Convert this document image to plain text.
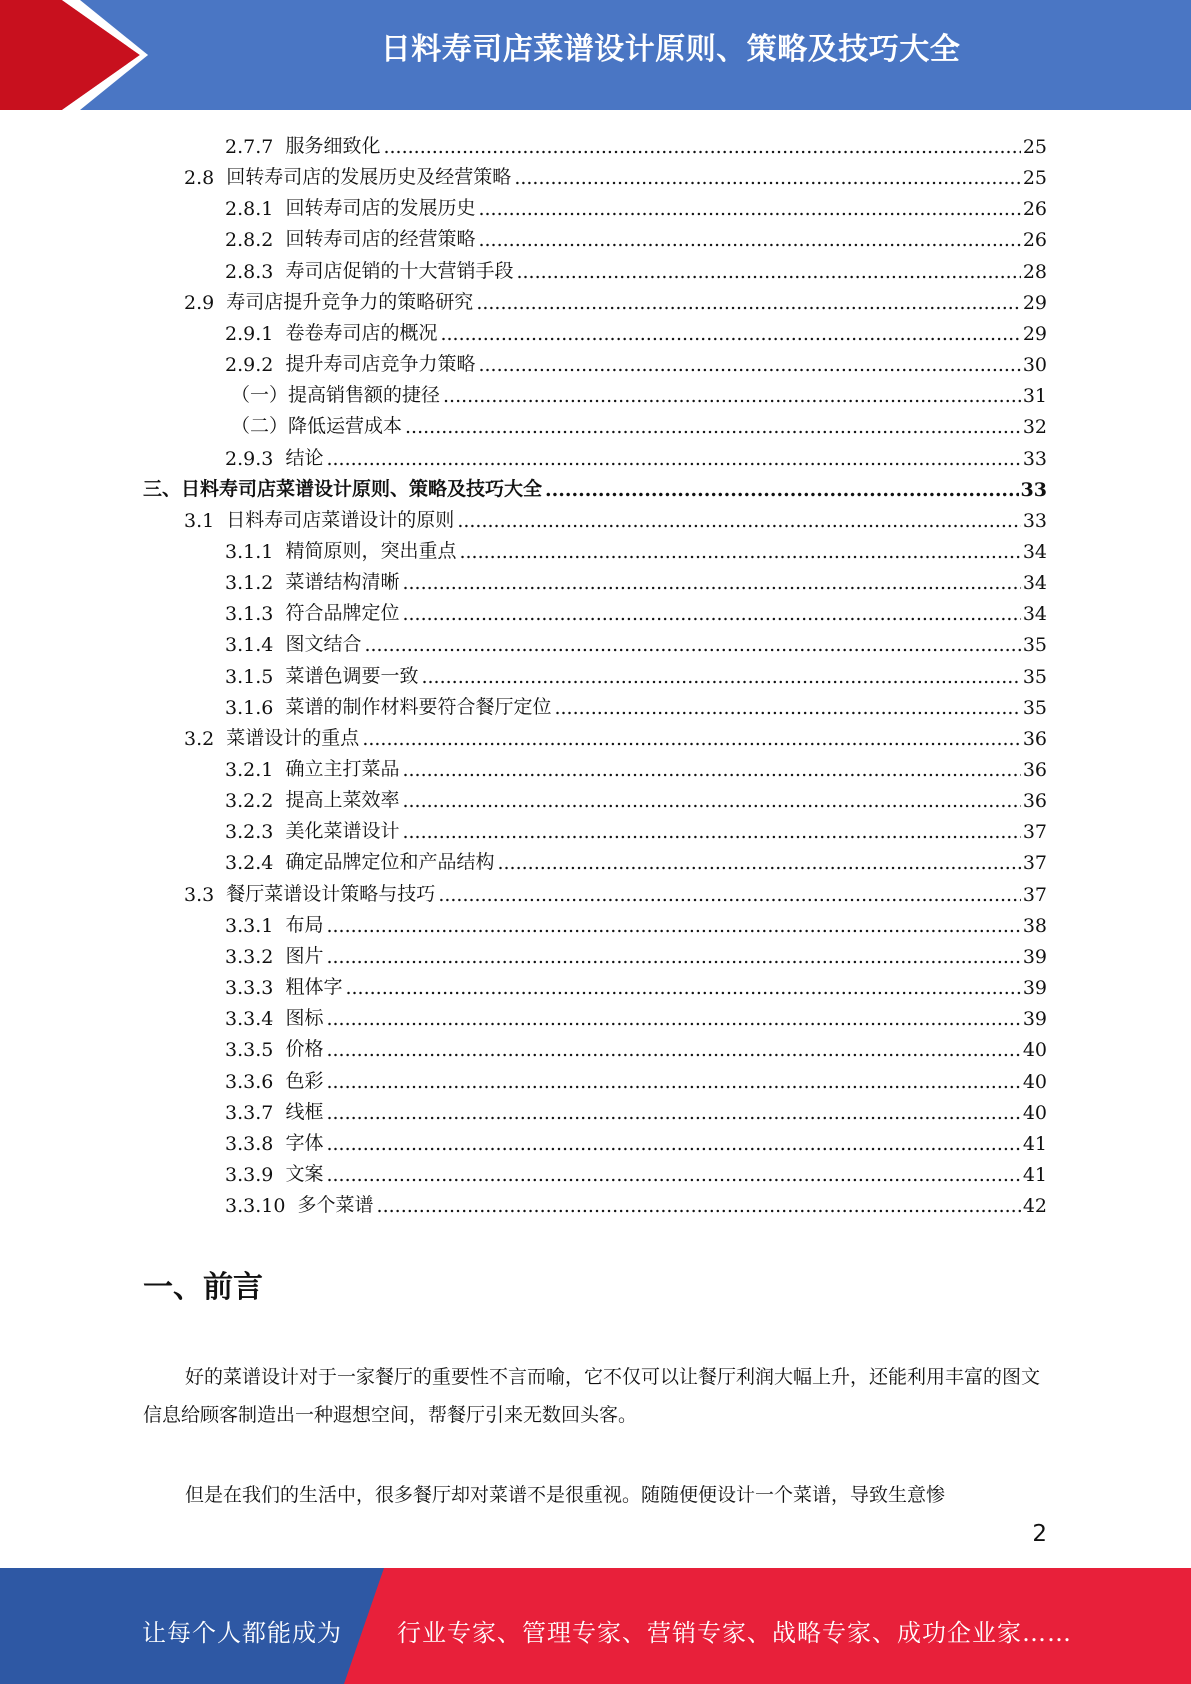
日料寿司店菜谱设计原则、策略及技巧大全
2.7.7 服务细致化 .....	25
2.8 回转寿司店的发展历史及经营策略 .....	25
2.8.1 回转寿司店的发展历史 .....	26
2.8.2 回转寿司店的经营策略 .....	26
2.8.3 寿司店促销的十大营销手段 .....	28
2.9 寿司店提升竞争力的策略研究 .....	29
2.9.1 卷卷寿司店的概况 .....	29
2.9.2 提升寿司店竞争力策略 .....	30
（一）提高销售额的捷径 .....	31
（二）降低运营成本 .....	32
2.9.3 结论 .....	33
三、日料寿司店菜谱设计原则、策略及技巧大全 .....	33
3.1 日料寿司店菜谱设计的原则 .....	33
3.1.1 精简原则，突出重点 .....	34
3.1.2 菜谱结构清晰 .....	34
3.1.3 符合品牌定位 .....	34
3.1.4 图文结合 .....	35
3.1.5 菜谱色调要一致 .....	35
3.1.6 菜谱的制作材料要符合餐厅定位 .....	35
3.2 菜谱设计的重点 .....	36
3.2.1 确立主打菜品 .....	36
3.2.2 提高上菜效率 .....	36
3.2.3 美化菜谱设计 .....	37
3.2.4 确定品牌定位和产品结构 .....	37
3.3 餐厅菜谱设计策略与技巧 .....	37
3.3.1 布局 .....	38
3.3.2 图片 .....	39
3.3.3 粗体字 .....	39
3.3.4 图标 .....	39
3.3.5 价格 .....	40
3.3.6 色彩 .....	40
3.3.7 线框 .....	40
3.3.8 字体 .....	41
3.3.9 文案 .....	41
3.3.10 多个菜谱 .....	42
一、前言
好的菜谱设计对于一家餐厅的重要性不言而喻，它不仅可以让餐厅利润大幅上升，还能利用丰富的图文信息给顾客制造出一种遐想空间，帮餐厅引来无数回头客。
但是在我们的生活中，很多餐厅却对菜谱不是很重视。随随便便设计一个菜谱，导致生意惨
2
让每个人都能成为 行业专家、管理专家、营销专家、战略专家、成功企业家……
